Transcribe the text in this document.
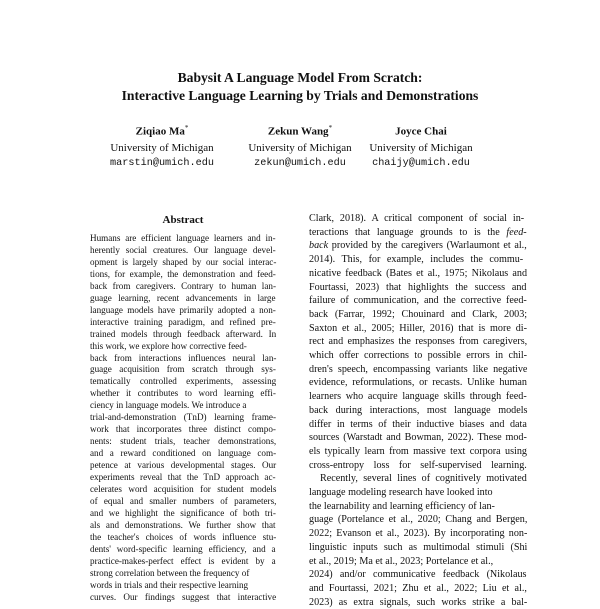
Babysit A Language Model From Scratch:
Interactive Language Learning by Trials and Demonstrations
Ziqiao Ma*
University of Michigan
marstin@umich.edu
Zekun Wang*
University of Michigan
zekun@umich.edu
Joyce Chai
University of Michigan
chaijy@umich.edu
Abstract
Humans are efficient language learners and in-
herently social creatures. Our language devel-
opment is largely shaped by our social interac-
tions, for example, the demonstration and feed-
back from caregivers. Contrary to human lan-
guage learning, recent advancements in large
language models have primarily adopted a non-
interactive training paradigm, and refined pre-
trained models through feedback afterward. In
this work, we explore how corrective feed-
back from interactions influences neural lan-
guage acquisition from scratch through sys-
tematically controlled experiments, assessing
whether it contributes to word learning effi-
ciency in language models. We introduce a
trial-and-demonstration (TnD) learning frame-
work that incorporates three distinct compo-
nents: student trials, teacher demonstrations,
and a reward conditioned on language com-
petence at various developmental stages. Our
experiments reveal that the TnD approach ac-
celerates word acquisition for student models
of equal and smaller numbers of parameters,
and we highlight the significance of both tri-
als and demonstrations. We further show that
the teacher's choices of words influence stu-
dents' word-specific learning efficiency, and a
practice-makes-perfect effect is evident by a
strong correlation between the frequency of
words in trials and their respective learning
curves. Our findings suggest that interactive
Clark, 2018). A critical component of social in-
teractions that language grounds to is the feed-
back provided by the caregivers (Warlaumont et al.,
2014). This, for example, includes the commu-
nicative feedback (Bates et al., 1975; Nikolaus and
Fourtassi, 2023) that highlights the success and
failure of communication, and the corrective feed-
back (Farrar, 1992; Chouinard and Clark, 2003;
Saxton et al., 2005; Hiller, 2016) that is more di-
rect and emphasizes the responses from caregivers,
which offer corrections to possible errors in chil-
dren's speech, encompassing variants like negative
evidence, reformulations, or recasts. Unlike human
learners who acquire language skills through feed-
back during interactions, most language models
differ in terms of their inductive biases and data
sources (Warstadt and Bowman, 2022). These mod-
els typically learn from massive text corpora using
cross-entropy loss for self-supervised learning.
Recently, several lines of cognitively motivated
language modeling research have looked into
the learnability and learning efficiency of lan-
guage (Portelance et al., 2020; Chang and Bergen,
2022; Evanson et al., 2023). By incorporating non-
linguistic inputs such as multimodal stimuli (Shi
et al., 2019; Ma et al., 2023; Portelance et al.,
2024) and/or communicative feedback (Nikolaus
and Fourtassi, 2021; Zhu et al., 2022; Liu et al.,
2023) as extra signals, such works strike a bal-
